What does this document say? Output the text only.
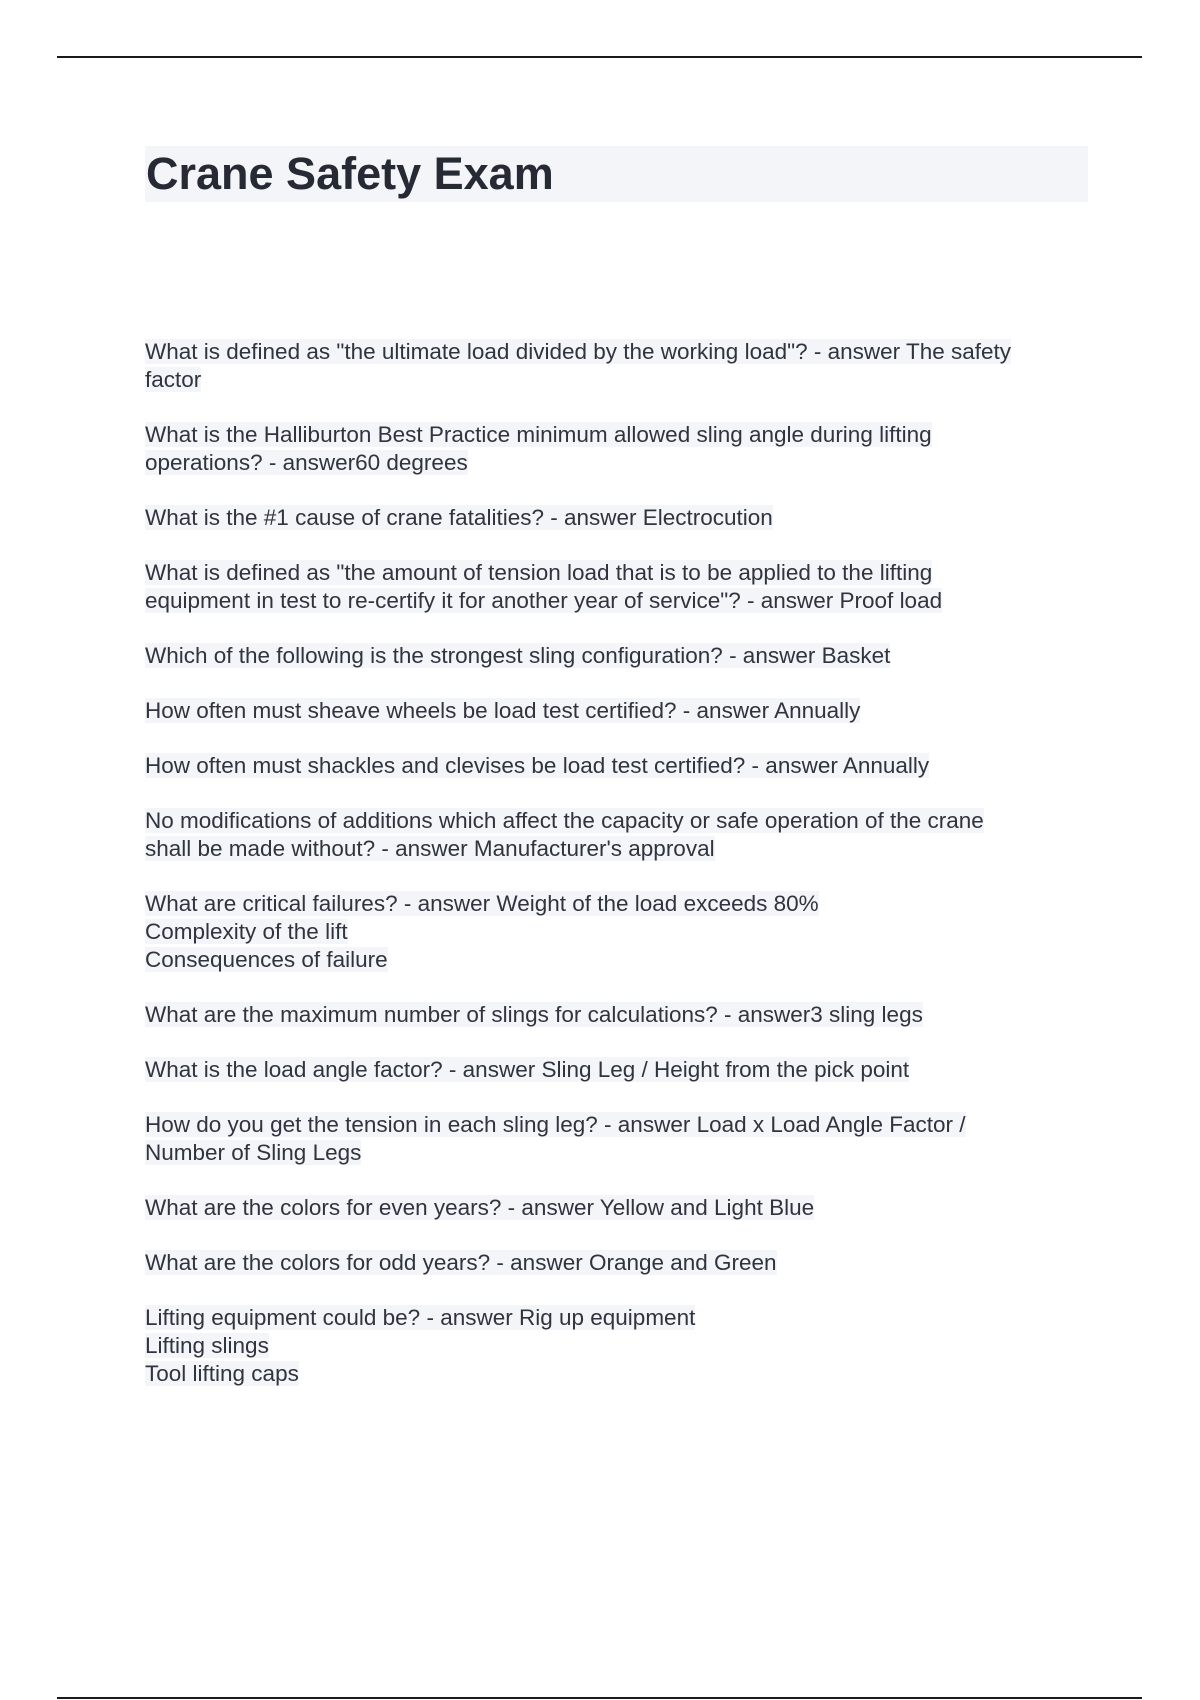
Crane Safety Exam
What is defined as "the ultimate load divided by the working load"? - answer The safety
factor
What is the Halliburton Best Practice minimum allowed sling angle during lifting
operations? - answer60 degrees
What is the #1 cause of crane fatalities? - answer Electrocution
What is defined as "the amount of tension load that is to be applied to the lifting
equipment in test to re-certify it for another year of service"? - answer Proof load
Which of the following is the strongest sling configuration? - answer Basket
How often must sheave wheels be load test certified? - answer Annually
How often must shackles and clevises be load test certified? - answer Annually
No modifications of additions which affect the capacity or safe operation of the crane
shall be made without? - answer Manufacturer's approval
What are critical failures? - answer Weight of the load exceeds 80%
Complexity of the lift
Consequences of failure
What are the maximum number of slings for calculations? - answer3 sling legs
What is the load angle factor? - answer Sling Leg / Height from the pick point
How do you get the tension in each sling leg? - answer Load x Load Angle Factor /
Number of Sling Legs
What are the colors for even years? - answer Yellow and Light Blue
What are the colors for odd years? - answer Orange and Green
Lifting equipment could be? - answer Rig up equipment
Lifting slings
Tool lifting caps
